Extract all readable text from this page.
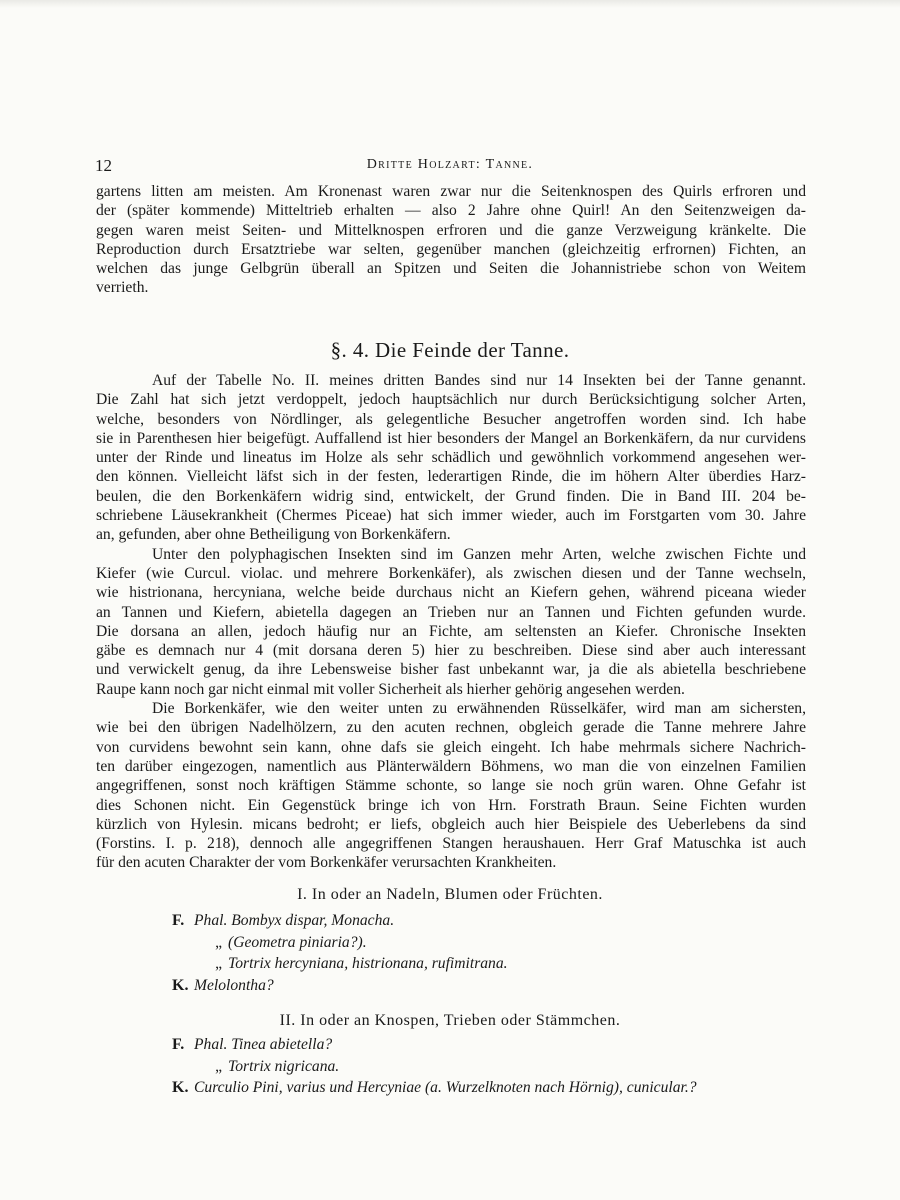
12	Dritte Holzart: Tanne.

gartens litten am meisten. Am Kronenast waren zwar nur die Seitenknospen des Quirls erfroren und

der (später kommende) Mitteltrieb erhalten — also 2 Jahre ohne Quirl! An den Seitenzweigen da-

gegen waren meist Seiten- und Mittelknospen erfroren und die ganze Verzweigung kränkelte. Die

Reproduction durch Ersatztriebe war selten, gegenüber manchen (gleichzeitig erfrornen) Fichten, an

welchen das junge Gelbgrün überall an Spitzen und Seiten die Johannistriebe schon von Weitem

verrieth.

§. 4. Die Feinde der Tanne.

Auf der Tabelle No. II. meines dritten Bandes sind nur 14 Insekten bei der Tanne genannt.

Die Zahl hat sich jetzt verdoppelt, jedoch hauptsächlich nur durch Berücksichtigung solcher Arten,

welche, besonders von Nördlinger, als gelegentliche Besucher angetroffen worden sind. Ich habe

sie in Parenthesen hier beigefügt. Auffallend ist hier besonders der Mangel an Borkenkäfern, da nur curvidens

unter der Rinde und lineatus im Holze als sehr schädlich und gewöhnlich vorkommend angesehen wer-

den können. Vielleicht läfst sich in der festen, lederartigen Rinde, die im höhern Alter überdies Harz-

beulen, die den Borkenkäfern widrig sind, entwickelt, der Grund finden. Die in Band III. 204 be-

schriebene Läusekrankheit (Chermes Piceae) hat sich immer wieder, auch im Forstgarten vom 30. Jahre

an, gefunden, aber ohne Betheiligung von Borkenkäfern.

Unter den polyphagischen Insekten sind im Ganzen mehr Arten, welche zwischen Fichte und

Kiefer (wie Curcul. violac. und mehrere Borkenkäfer), als zwischen diesen und der Tanne wechseln,

wie histrionana, hercyniana, welche beide durchaus nicht an Kiefern gehen, während piceana wieder

an Tannen und Kiefern, abietella dagegen an Trieben nur an Tannen und Fichten gefunden wurde.

Die dorsana an allen, jedoch häufig nur an Fichte, am seltensten an Kiefer. Chronische Insekten

gäbe es demnach nur 4 (mit dorsana deren 5) hier zu beschreiben. Diese sind aber auch interessant

und verwickelt genug, da ihre Lebensweise bisher fast unbekannt war, ja die als abietella beschriebene

Raupe kann noch gar nicht einmal mit voller Sicherheit als hierher gehörig angesehen werden.

Die Borkenkäfer, wie den weiter unten zu erwähnenden Rüsselkäfer, wird man am sichersten,

wie bei den übrigen Nadelhölzern, zu den acuten rechnen, obgleich gerade die Tanne mehrere Jahre

von curvidens bewohnt sein kann, ohne dafs sie gleich eingeht. Ich habe mehrmals sichere Nachrich-

ten darüber eingezogen, namentlich aus Plänterwäldern Böhmens, wo man die von einzelnen Familien

angegriffenen, sonst noch kräftigen Stämme schonte, so lange sie noch grün waren. Ohne Gefahr ist

dies Schonen nicht. Ein Gegenstück bringe ich von Hrn. Forstrath Braun. Seine Fichten wurden

kürzlich von Hylesin. micans bedroht; er liefs, obgleich auch hier Beispiele des Ueberlebens da sind

(Forstins. I. p. 218), dennoch alle angegriffenen Stangen heraushauen. Herr Graf Matuschka ist auch

für den acuten Charakter der vom Borkenkäfer verursachten Krankheiten.

I. In oder an Nadeln, Blumen oder Früchten.
F. Phal. Bombyx dispar, Monacha.
„ (Geometra piniaria?).
„ Tortrix hercyniana, histrionana, rufimitrana.
K. Melolontha?
II. In oder an Knospen, Trieben oder Stämmchen.
F. Phal. Tinea abietella?
„ Tortrix nigricana.
K. Curculio Pini, varius und Hercyniae (a. Wurzelknoten nach Hörnig), cunicular.?
